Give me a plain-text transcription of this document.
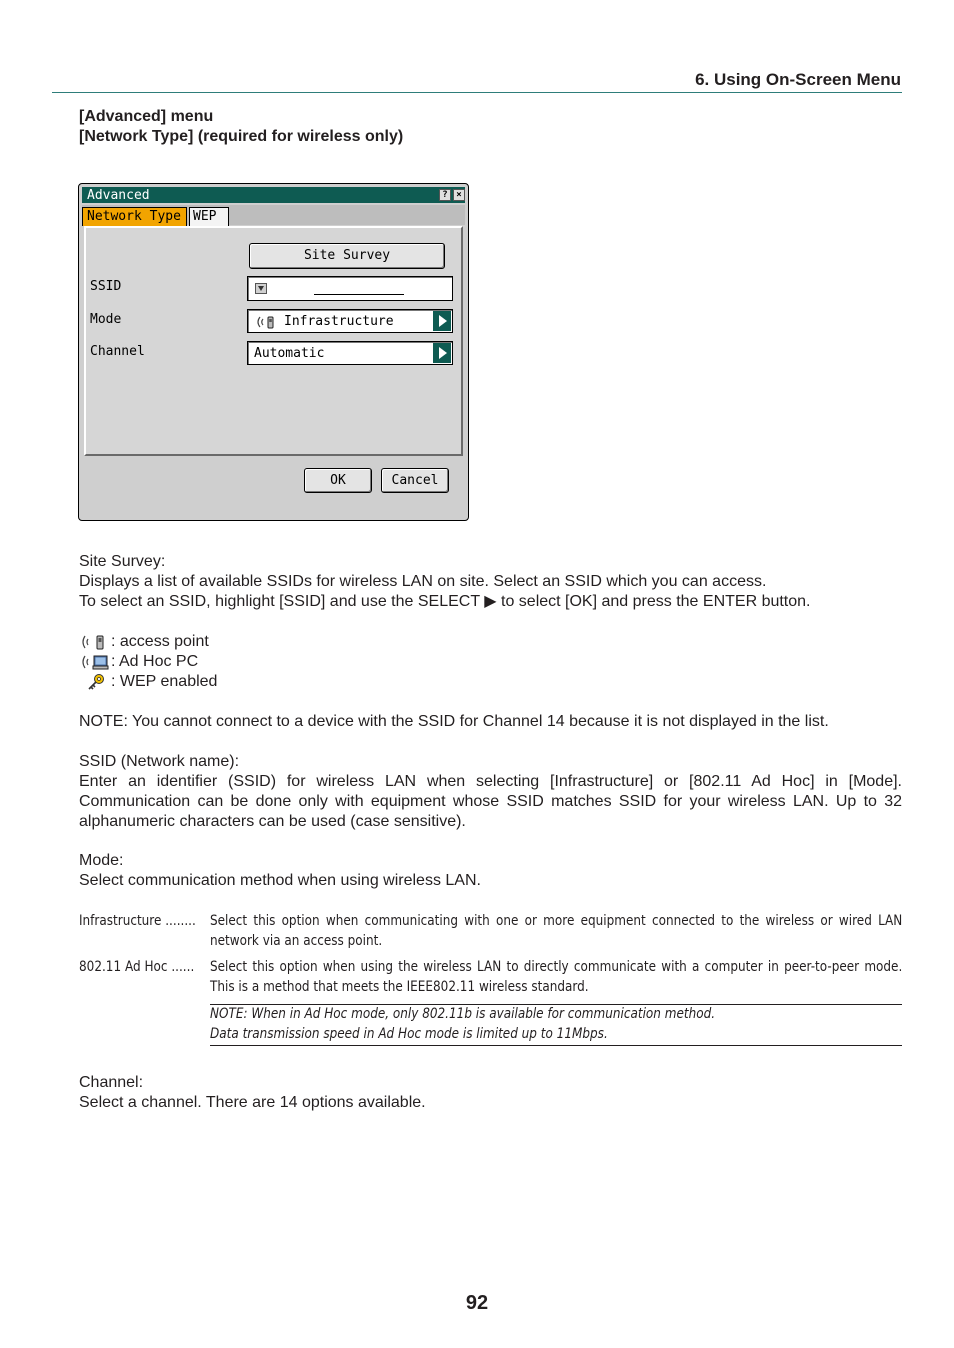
6. Using On-Screen Menu
[Advanced] menu
[Network Type] (required for wireless only)
Advanced	? ×
Network Type WEP
Site Survey
SSID
Mode	Infrastructure
Channel	Automatic
OK	Cancel
Site Survey:
Displays a list of available SSIDs for wireless LAN on site. Select an SSID which you can access.
To select an SSID, highlight [SSID] and use the SELECT ▶ to select [OK] and press the ENTER button.
: access point
: Ad Hoc PC
: WEP enabled
NOTE: You cannot connect to a device with the SSID for Channel 14 because it is not displayed in the list.
SSID (Network name):
Enter an identifier (SSID) for wireless LAN when selecting [Infrastructure] or [802.11 Ad Hoc] in [Mode]. Communication can be done only with equipment whose SSID matches SSID for your wireless LAN. Up to 32 alphanumeric characters can be used (case sensitive).
Mode:
Select communication method when using wireless LAN.
Infrastructure ........	Select this option when communicating with one or more equipment connected to the wireless or wired LAN network via an access point.
802.11 Ad Hoc ......	Select this option when using the wireless LAN to directly communicate with a computer in peer-to-peer mode. This is a method that meets the IEEE802.11 wireless standard.
NOTE: When in Ad Hoc mode, only 802.11b is available for communication method.
Data transmission speed in Ad Hoc mode is limited up to 11Mbps.
Channel:
Select a channel. There are 14 options available.
92
